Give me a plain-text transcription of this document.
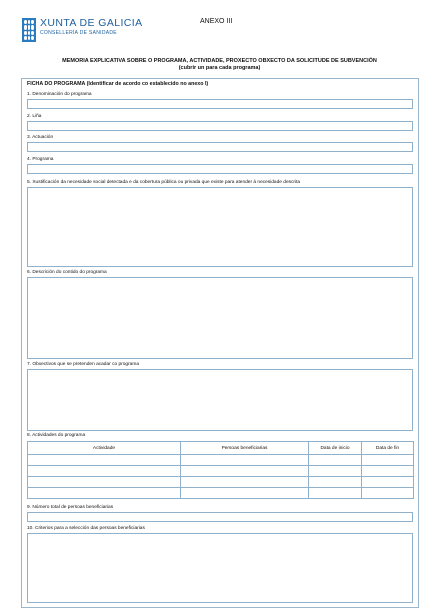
XUNTA DE GALICIA
CONSELLERÍA DE SANIDADE
ANEXO III
MEMORIA EXPLICATIVA SOBRE O PROGRAMA, ACTIVIDADE, PROXECTO OBXECTO DA SOLICITUDE DE SUBVENCIÓN
(cubrir un para cada programa)
FICHA DO PROGRAMA (Identificar de acordo co establecido no anexo I)
1. Denominación do programa
2. Liña
3. Actuación
4. Programa
5. Xustificación da necesidade social detectada e da cobertura pública ou privada que existe para atender á necesidade descrita
6. Descrición do contido do programa
7. Obxectivos que se pretenden acadar co programa
8. Actividades do programa
Actividade	Persoas beneficiarias	Data de inicio	Data de fin

9. Número total de persoas beneficiarias
10. Criterios para a selección das persoas beneficiarias
